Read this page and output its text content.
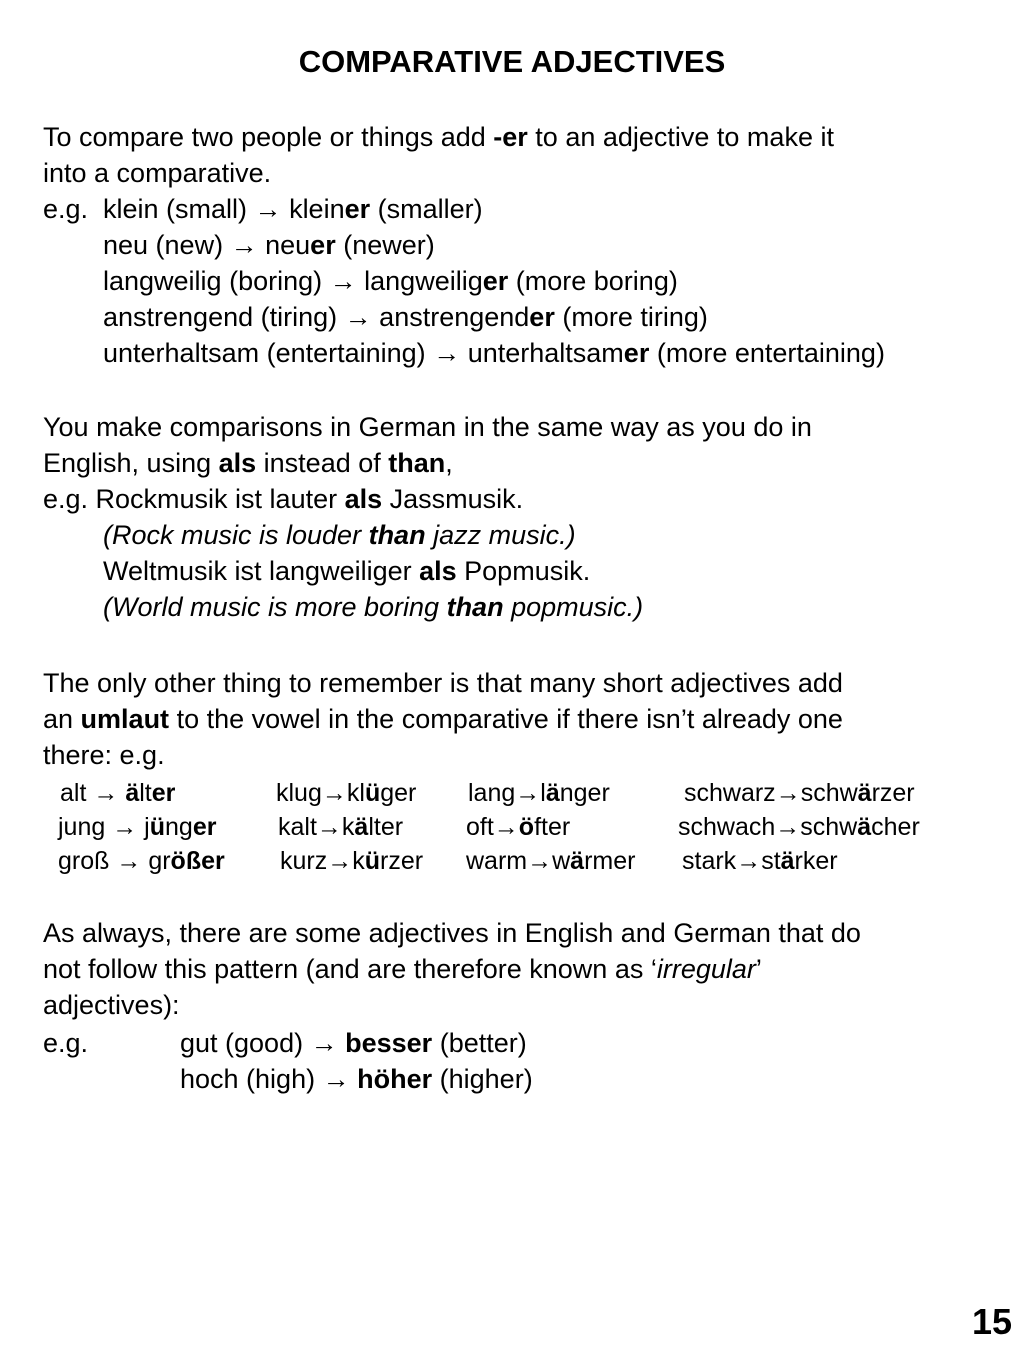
COMPARATIVE ADJECTIVES
To compare two people or things add -er to an adjective to make it
into a comparative.
e.g. klein (small) → kleiner (smaller)
neu (new) → neuer (newer)
langweilig (boring) → langweiliger (more boring)
anstrengend (tiring) → anstrengender (more tiring)
unterhaltsam (entertaining) → unterhaltsamer (more entertaining)
You make comparisons in German in the same way as you do in
English, using als instead of than,
e.g. Rockmusik ist lauter als Jassmusik.
(Rock music is louder than jazz music.)
Weltmusik ist langweiliger als Popmusik.
(World music is more boring than popmusic.)
The only other thing to remember is that many short adjectives add
an umlaut to the vowel in the comparative if there isn’t already one
there: e.g.
alt → älter	klug→klüger lang→länger	schwarz→schwärzer
jung → jünger kalt→kälter	oft→öfter	schwach→schwächer
groß → größer kurz→kürzer warm→wärmer stark→stärker
As always, there are some adjectives in English and German that do
not follow this pattern (and are therefore known as ‘irregular’
adjectives):
e.g.	gut (good) → besser (better)
hoch (high) → höher (higher)
15
